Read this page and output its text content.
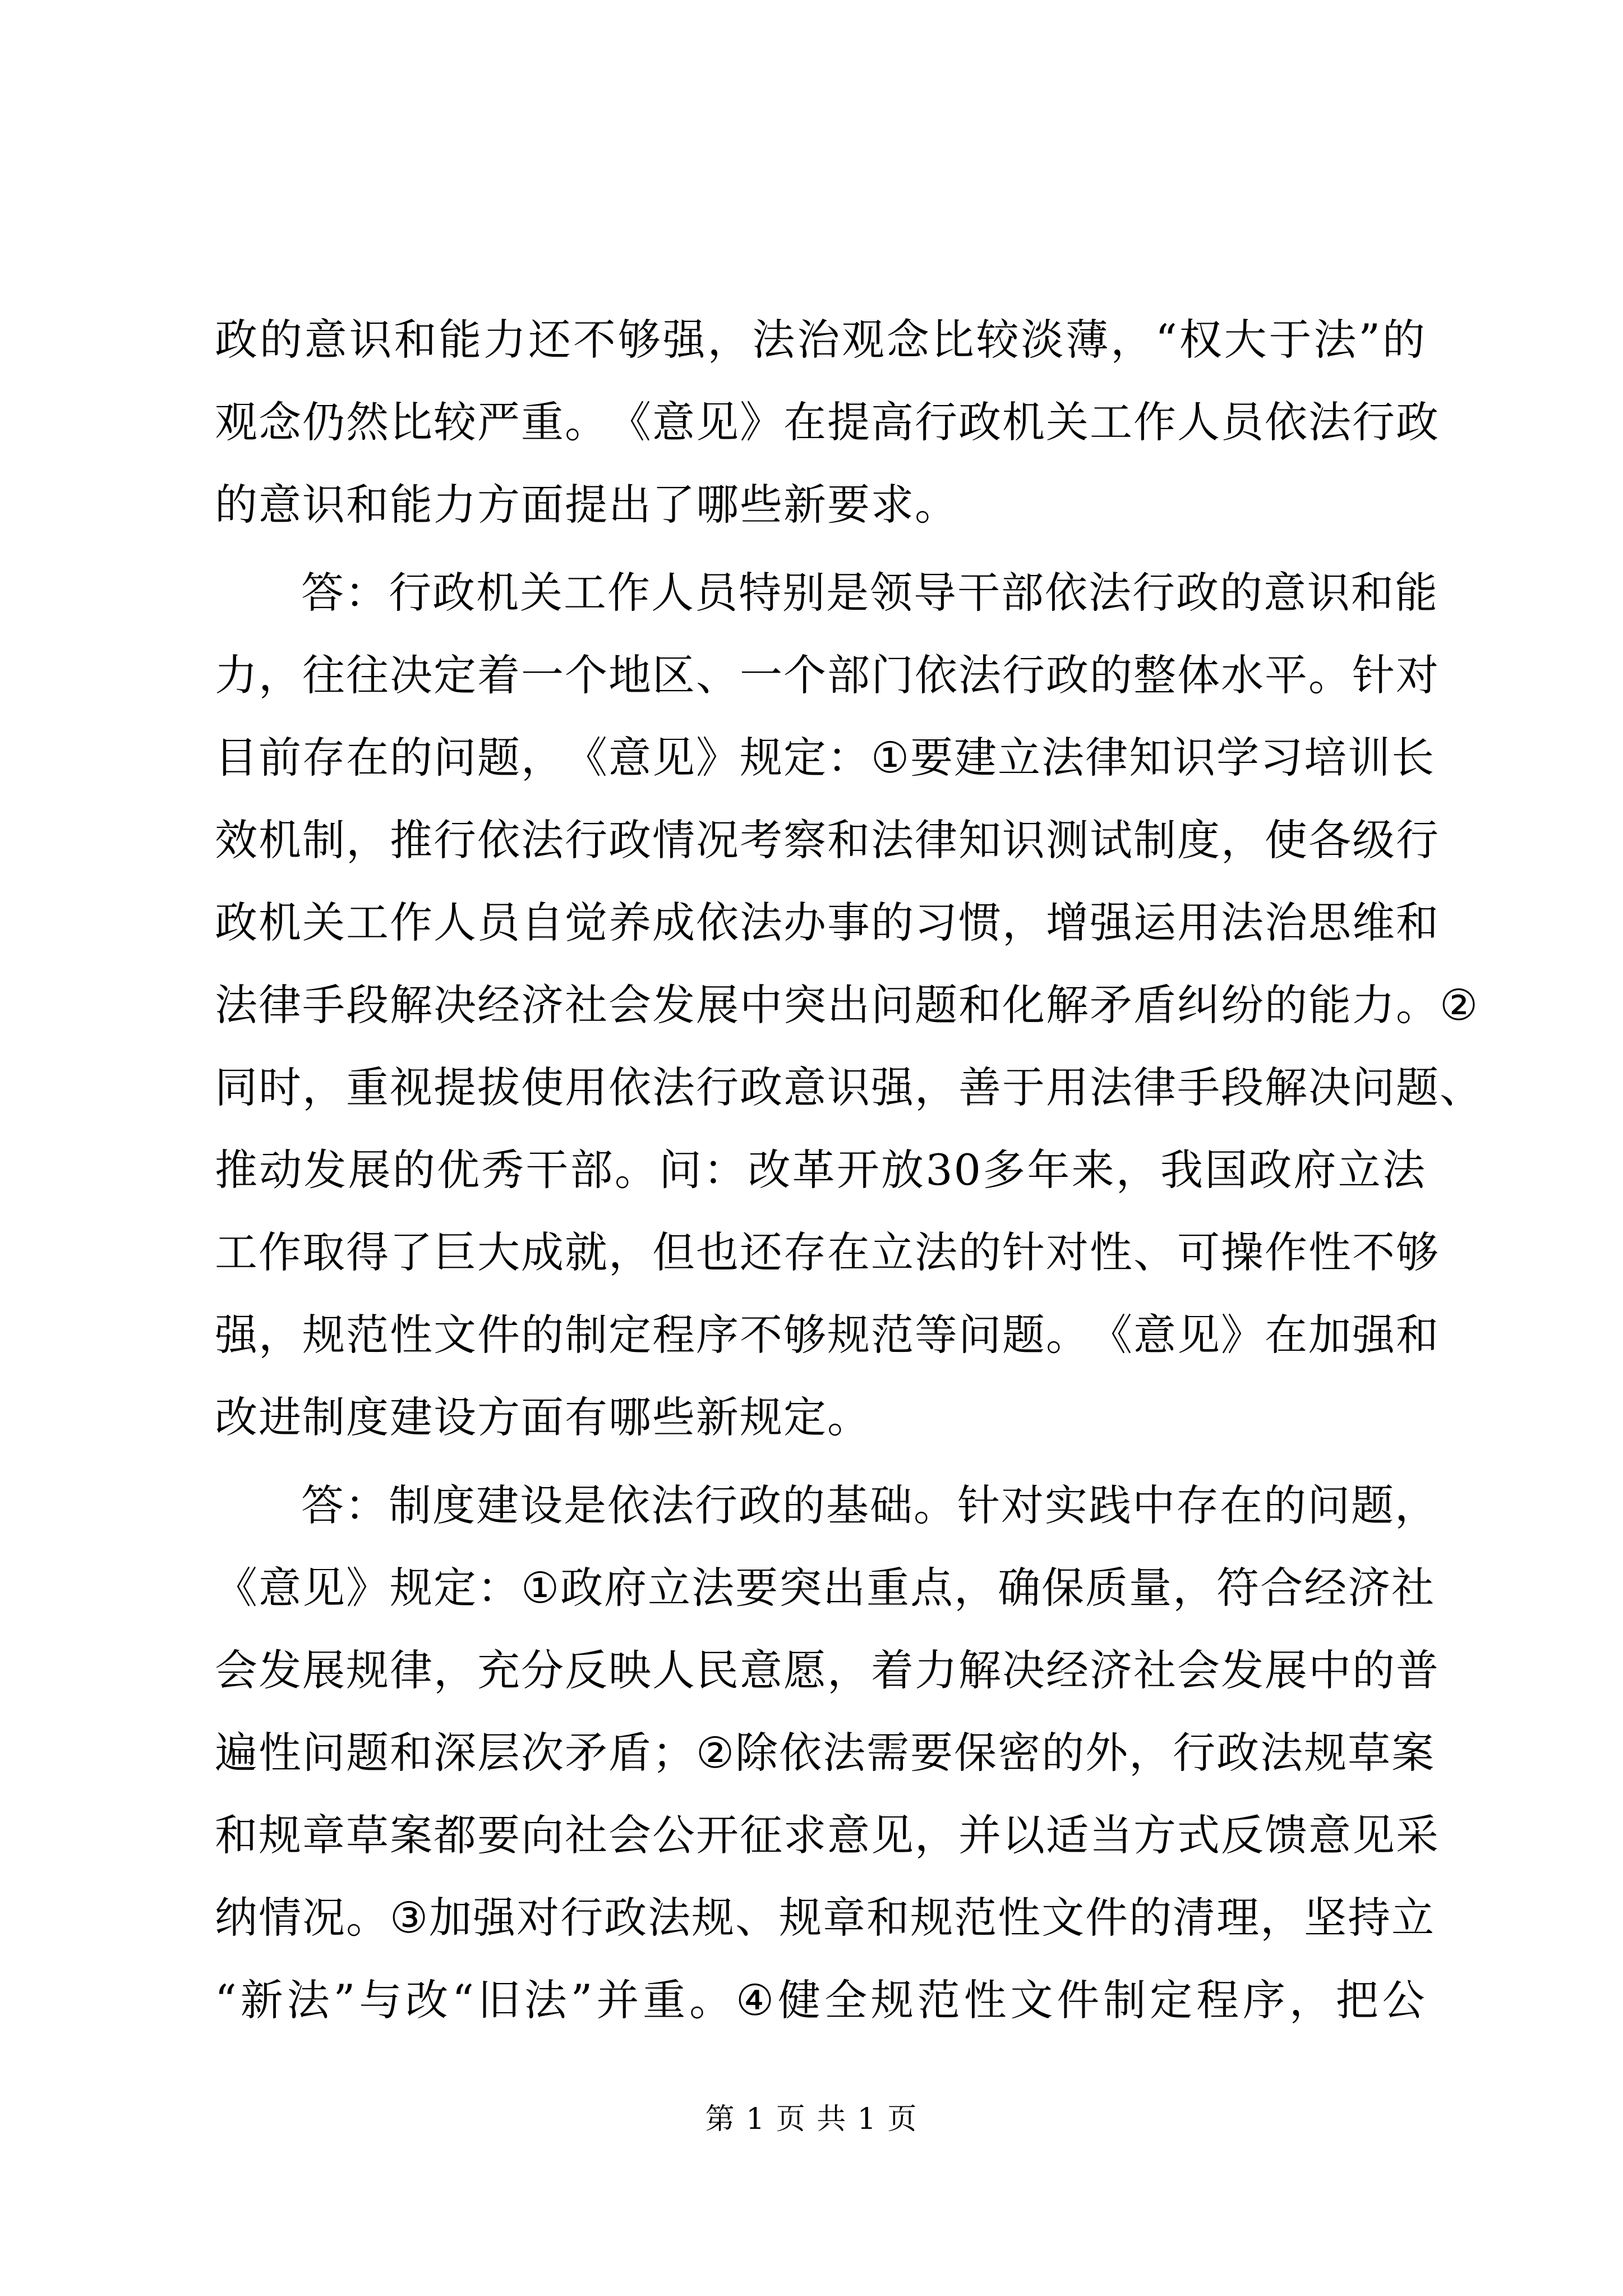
政 的 意 识 和 能 力 还 不 够 强 ， 法 治 观 念 比 较 淡 薄 ， “ 权 大 于 法 ” 的
观 念 仍 然 比 较 严 重 。 《 意 见 》 在 提 高 行 政 机 关 工 作 人 员 依 法 行 政
的意识和能力方面提出了哪些新要求。
答 ： 行 政 机 关 工 作 人 员 特 别 是 领 导 干 部 依 法 行 政 的 意 识 和 能
力 ， 往 往 决 定 着 一 个 地 区 、 一 个 部 门 依 法 行 政 的 整 体 水 平 。 针 对
目 前 存 在 的 问 题 ， 《 意 见 》 规 定 ： ① 要 建 立 法 律 知 识 学 习 培 训 长
效 机 制 ， 推 行 依 法 行 政 情 况 考 察 和 法 律 知 识 测 试 制 度 ， 使 各 级 行
政 机 关 工 作 人 员 自 觉 养 成 依 法 办 事 的 习 惯 ， 增 强 运 用 法 治 思 维 和
法 律 手 段 解 决 经 济 社 会 发 展 中 突 出 问 题 和 化 解 矛 盾 纠 纷 的 能 力 。 ②
同 时 ， 重 视 提 拔 使 用 依 法 行 政 意 识 强 ， 善 于 用 法 律 手 段 解 决 问 题 、
推 动 发 展 的 优 秀 干 部 。 问 ： 改 革 开 放 30 多 年 来 ， 我 国 政 府 立 法
工 作 取 得 了 巨 大 成 就 ， 但 也 还 存 在 立 法 的 针 对 性 、 可 操 作 性 不 够
强 ， 规 范 性 文 件 的 制 定 程 序 不 够 规 范 等 问 题 。 《 意 见 》 在 加 强 和
改进制度建设方面有哪些新规定。
答 ： 制 度 建 设 是 依 法 行 政 的 基 础 。 针 对 实 践 中 存 在 的 问 题 ，
《 意 见 》 规 定 ： ① 政 府 立 法 要 突 出 重 点 ， 确 保 质 量 ， 符 合 经 济 社
会 发 展 规 律 ， 充 分 反 映 人 民 意 愿 ， 着 力 解 决 经 济 社 会 发 展 中 的 普
遍 性 问 题 和 深 层 次 矛 盾 ； ② 除 依 法 需 要 保 密 的 外 ， 行 政 法 规 草 案
和 规 章 草 案 都 要 向 社 会 公 开 征 求 意 见 ， 并 以 适 当 方 式 反 馈 意 见 采
纳 情 况 。 ③ 加 强 对 行 政 法 规 、 规 章 和 规 范 性 文 件 的 清 理 ， 坚 持 立
“ 新 法 ” 与 改 “ 旧 法 ” 并 重 。 ④ 健 全 规 范 性 文 件 制 定 程 序 ， 把 公
第 1 页 共 1 页
